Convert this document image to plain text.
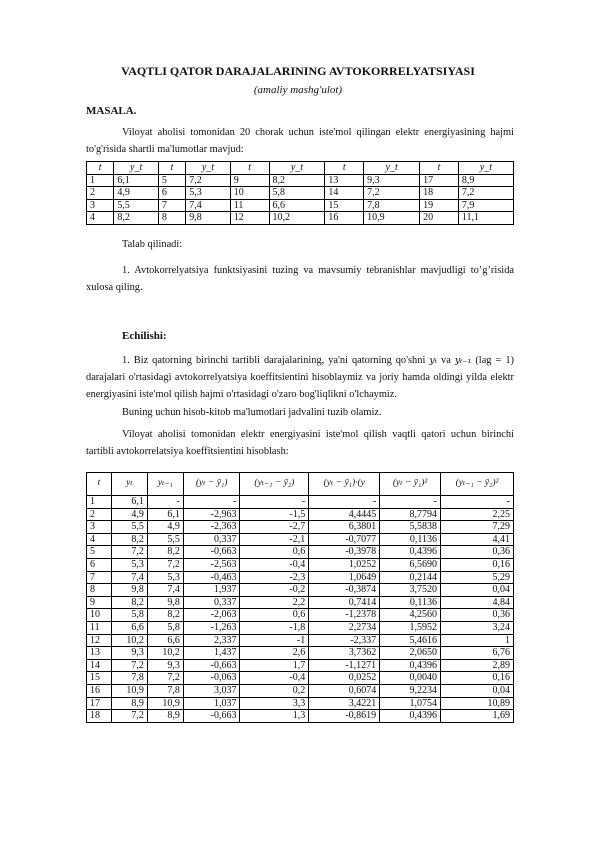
VAQTLI QATOR DARAJALARINING AVTOKORRELYATSIYASI
(amaliy mashg'ulot)
MASALA.
Viloyat aholisi tomonidan 20 chorak uchun iste'mol qilingan elektr energiyasining hajmi to'g'risida shartli ma'lumotlar mavjud:
t	y_t	t	y_t	t	y_t	t	y_t	t	y_t
1	6,1	5	7,2	9	8,2	13	9,3	17	8,9
2	4,9	6	5,3	10	5,8	14	7,2	18	7,2
3	5,5	7	7,4	11	6,6	15	7,8	19	7,9
4	8,2	8	9,8	12	10,2	16	10,9	20	11,1
Talab qilinadi:
1. Avtokorrelyatsiya funktsiyasini tuzing va mavsumiy tebranishlar mavjudligi to’g’risida xulosa qiling.
Echilishi:
1. Biz qatorning birinchi tartibli darajalarining, ya'ni qatorning qo'shni yₜ va yₜ₋₁ (lag = 1) darajalari o'rtasidagi avtokorrelyatsiya koeffitsientini hisoblaymiz va joriy hamda oldingi yilda elektr energiyasini iste'mol qilish hajmi o'rtasidagi o'zaro bog'liqlikni o'lchaymiz.
Buning uchun hisob-kitob ma'lumotlari jadvalini tuzib olamiz.
Viloyat aholisi tomonidan elektr energiyasini iste'mol qilish vaqtli qatori uchun birinchi tartibli avtokorrelatsiya koeffitsientini hisoblash:
t	yₜ	yₜ₋₁	(yₜ − ȳ₁)	(yₜ₋₁ − ȳ₂)	(yₜ − ȳ₁)·(y	(yₜ − ȳ₁)²	(yₜ₋₁ − ȳ₂)²
1	6,1	-	-	-	-	-	-
2	4,9	6,1	-2,963	-1,5	4,4445	8,7794	2,25
3	5,5	4,9	-2,363	-2,7	6,3801	5,5838	7,29
4	8,2	5,5	0,337	-2,1	-0,7077	0,1136	4,41
5	7,2	8,2	-0,663	0,6	-0,3978	0,4396	0,36
6	5,3	7,2	-2,563	-0,4	1,0252	6,5690	0,16
7	7,4	5,3	-0,463	-2,3	1,0649	0,2144	5,29
8	9,8	7,4	1,937	-0,2	-0,3874	3,7520	0,04
9	8,2	9,8	0,337	2,2	0,7414	0,1136	4,84
10	5,8	8,2	-2,063	0,6	-1,2378	4,2560	0,36
11	6,6	5,8	-1,263	-1,8	2,2734	1,5952	3,24
12	10,2	6,6	2,337	-1	-2,337	5,4616	1
13	9,3	10,2	1,437	2,6	3,7362	2,0650	6,76
14	7,2	9,3	-0,663	1,7	-1,1271	0,4396	2,89
15	7,8	7,2	-0,063	-0,4	0,0252	0,0040	0,16
16	10,9	7,8	3,037	0,2	0,6074	9,2234	0,04
17	8,9	10,9	1,037	3,3	3,4221	1,0754	10,89
18	7,2	8,9	-0,663	1,3	-0,8619	0,4396	1,69
